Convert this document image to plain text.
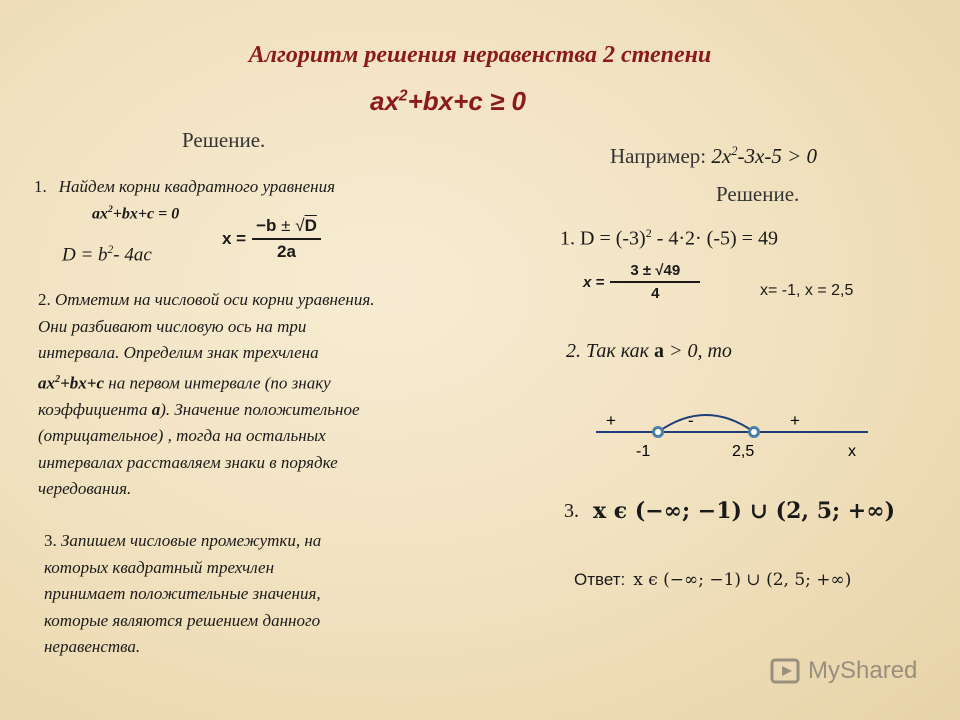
Алгоритм решения неравенства 2 степени
$ax^2+bx+c \ge 0$
Решение.
1. Найдем корни квадратного уравнения
$ax^2+bx+c = 0$
$D = b^2-$ 4ac
$x = \frac{-b \pm √D}{2a}$
2. Отметим на числовой оси корни уравнения.
Они разбивают числовую ось на три
интервала. Определим знак трехчлена
$ax^2+bx+c$ на первом интервале (по знаку
коэффициента a). Значение положительное
(отрицательное) , тогда на остальных
интервалах расставляем знаки в порядке
чередования.
3. Запишем числовые промежутки, на
которых квадратный трехчлен
принимает положительные значения,
которые являются решением данного
неравенства.
Например: $2x^2-3x-5 > 0$
Решение.
1. $D = (-3)^2 - 4\cdot 2\cdot (-5) = 49$
$x = \frac{3 \pm √49}{4}$	x= -1, x = 2,5
2. Так как a > 0, то
+	-	+
-1	2,5	x
3. x ϵ (−∞; −1) ∪ (2, 5; +∞)
Ответ: x ϵ (−∞; −1) ∪ (2, 5; +∞)
MyShared
